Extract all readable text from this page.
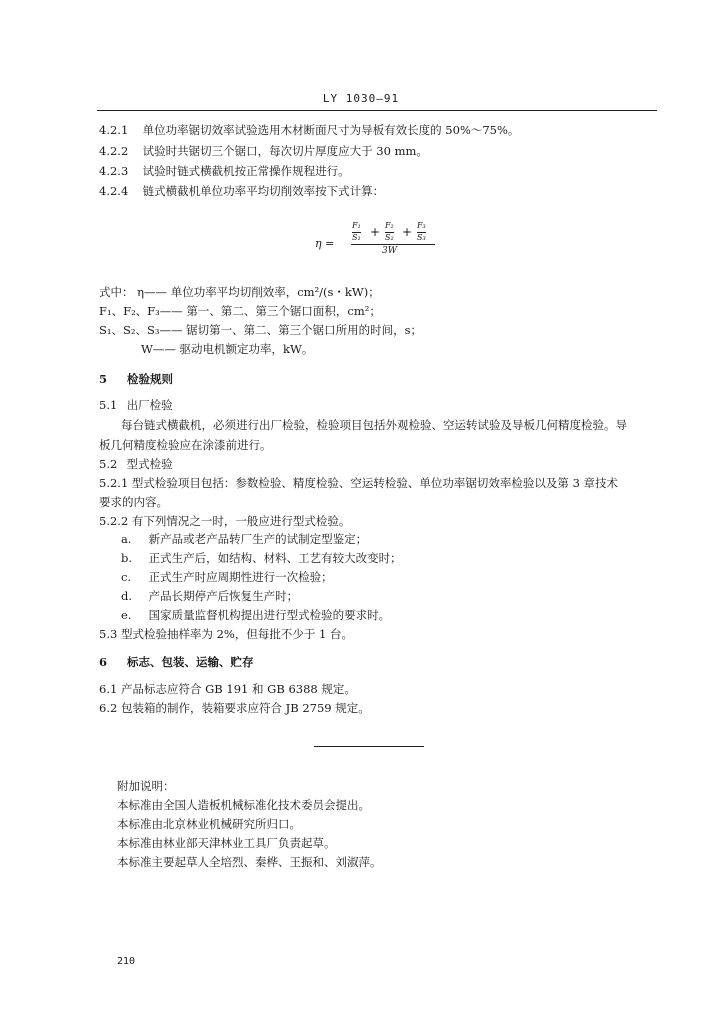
LY 1030—91
4.2.1 单位功率锯切效率试验选用木材断面尺寸为导板有效长度的 50%～75%。
4.2.2 试验时共锯切三个锯口，每次切片厚度应大于 30 mm。
4.2.3 试验时链式横截机按正常操作规程进行。
4.2.4 链式横截机单位功率平均切削效率按下式计算：
η =
F₁
S₁ + F₂
S₂ + F₃
S₃
3W
式中： η—— 单位功率平均切削效率，cm²/(s・kW)；
F₁、F₂、F₃—— 第一、第二、第三个锯口面积，cm²；
S₁、S₂、S₃—— 锯切第一、第二、第三个锯口所用的时间，s；
W—— 驱动电机额定功率，kW。
5 检验规则
5.1 出厂检验
每台链式横截机，必须进行出厂检验，检验项目包括外观检验、空运转试验及导板几何精度检验。导
板几何精度检验应在涂漆前进行。
5.2 型式检验
5.2.1 型式检验项目包括：参数检验、精度检验、空运转检验、单位功率锯切效率检验以及第 3 章技术
要求的内容。
5.2.2 有下列情况之一时，一般应进行型式检验。
a. 新产品或老产品转厂生产的试制定型鉴定；
b. 正式生产后，如结构、材料、工艺有较大改变时；
c. 正式生产时应周期性进行一次检验；
d. 产品长期停产后恢复生产时；
e. 国家质量监督机构提出进行型式检验的要求时。
5.3 型式检验抽样率为 2%，但每批不少于 1 台。
6 标志、包装、运输、贮存
6.1 产品标志应符合 GB 191 和 GB 6388 规定。
6.2 包装箱的制作，装箱要求应符合 JB 2759 规定。
附加说明：
本标准由全国人造板机械标准化技术委员会提出。
本标准由北京林业机械研究所归口。
本标准由林业部天津林业工具厂负责起草。
本标准主要起草人全培烈、秦桦、王振和、刘淑萍。
210
